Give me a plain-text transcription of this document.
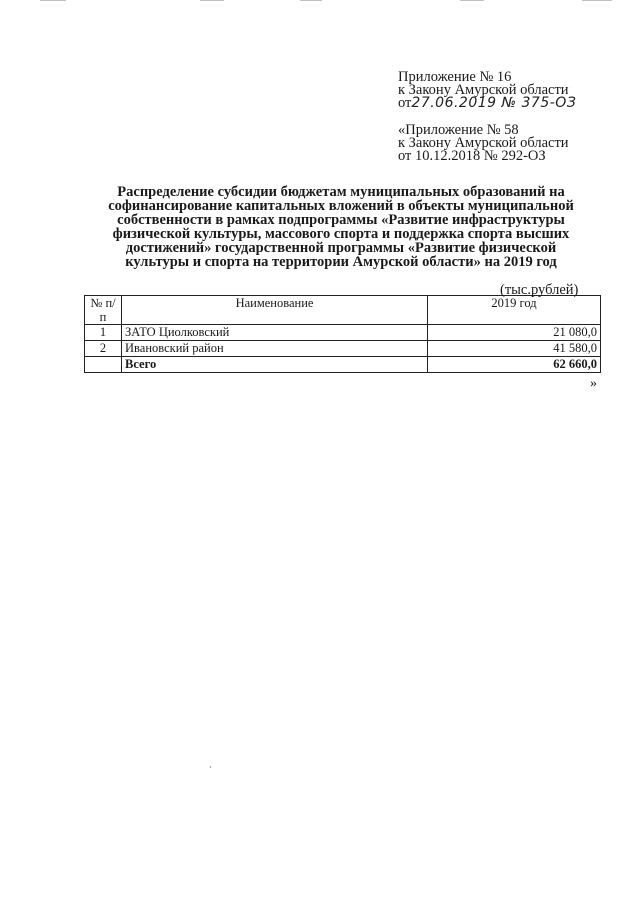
Приложение № 16
к Закону Амурской области
от27.06.2019 № 375-ОЗ
«Приложение № 58
к Закону Амурской области
от 10.12.2018 № 292-ОЗ
Распределение субсидии бюджетам муниципальных образований на софинансирование капитальных вложений в объекты муниципальной собственности в рамках подпрограммы «Развитие инфраструктуры физической культуры, массового спорта и поддержка спорта высших достижений» государственной программы «Развитие физической культуры и спорта на территории Амурской области» на 2019 год
(тыс.рублей)
№ п/п	Наименование	2019 год
1	ЗАТО Циолковский	21 080,0
2	Ивановский район	41 580,0
	Всего	62 660,0
»
